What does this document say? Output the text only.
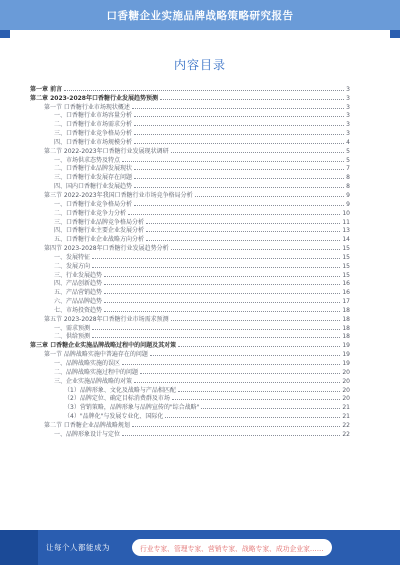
口香糖企业实施品牌战略策略研究报告
内容目录
第一章 前言	3
第二章 2023-2028年口香糖行业发展趋势预测	3
第一节 口香糖行业市场现状概述	3
一、口香糖行业市场容量分析	3
二、口香糖行业市场需求分析	3
三、口香糖行业竞争格局分析	3
四、口香糖行业市场规模分析	4
第二节 2022-2023年口香糖行业发展现状调研	5
一、市场供求态势及特点	5
二、口香糖行业品牌发展现状	7
三、口香糖行业发展存在问题	8
四、国内口香糖行业发展趋势	8
第三节 2022-2023年我国口香糖行业市场竞争格局分析	9
一、口香糖行业竞争格局分析	9
二、口香糖行业竞争力分析	10
三、口香糖行业品牌竞争格局分析	11
四、口香糖行业主要企业发展分析	13
五、口香糖行业企业战略方向分析	14
第四节 2023-2028年口香糖行业发展趋势分析	15
一、发展特征	15
二、发展方向	15
三、行业发展趋势	15
四、产品创新趋势	16
五、产品营销趋势	16
六、产品品牌趋势	17
七、市场投资趋势	18
第五节 2023-2028年口香糖行业市场需求预测	18
一、需求预测	18
二、供给预测	18
第三章 口香糖企业实施品牌战略过程中的问题及其对策	19
第一节 品牌战略实施中普遍存在的问题	19
一、品牌战略实施的误区	19
二、品牌战略实施过程中的问题	20
三、企业实施品牌战略的对策	20
（1）品牌形象、文化及战略与产品相匹配	20
（2）品牌定位、确定目标消费群及市场	20
（3）营销策略，品牌形象与品牌宣传的"综合战略"	21
（4）"品牌化"与发展专业化、国际化	21
第二节 口香糖企业品牌战略规划	22
一、品牌形象设计与定位	22
让每个人都能成为	行业专家、管理专家、营销专家、战略专家、成功企业家……
